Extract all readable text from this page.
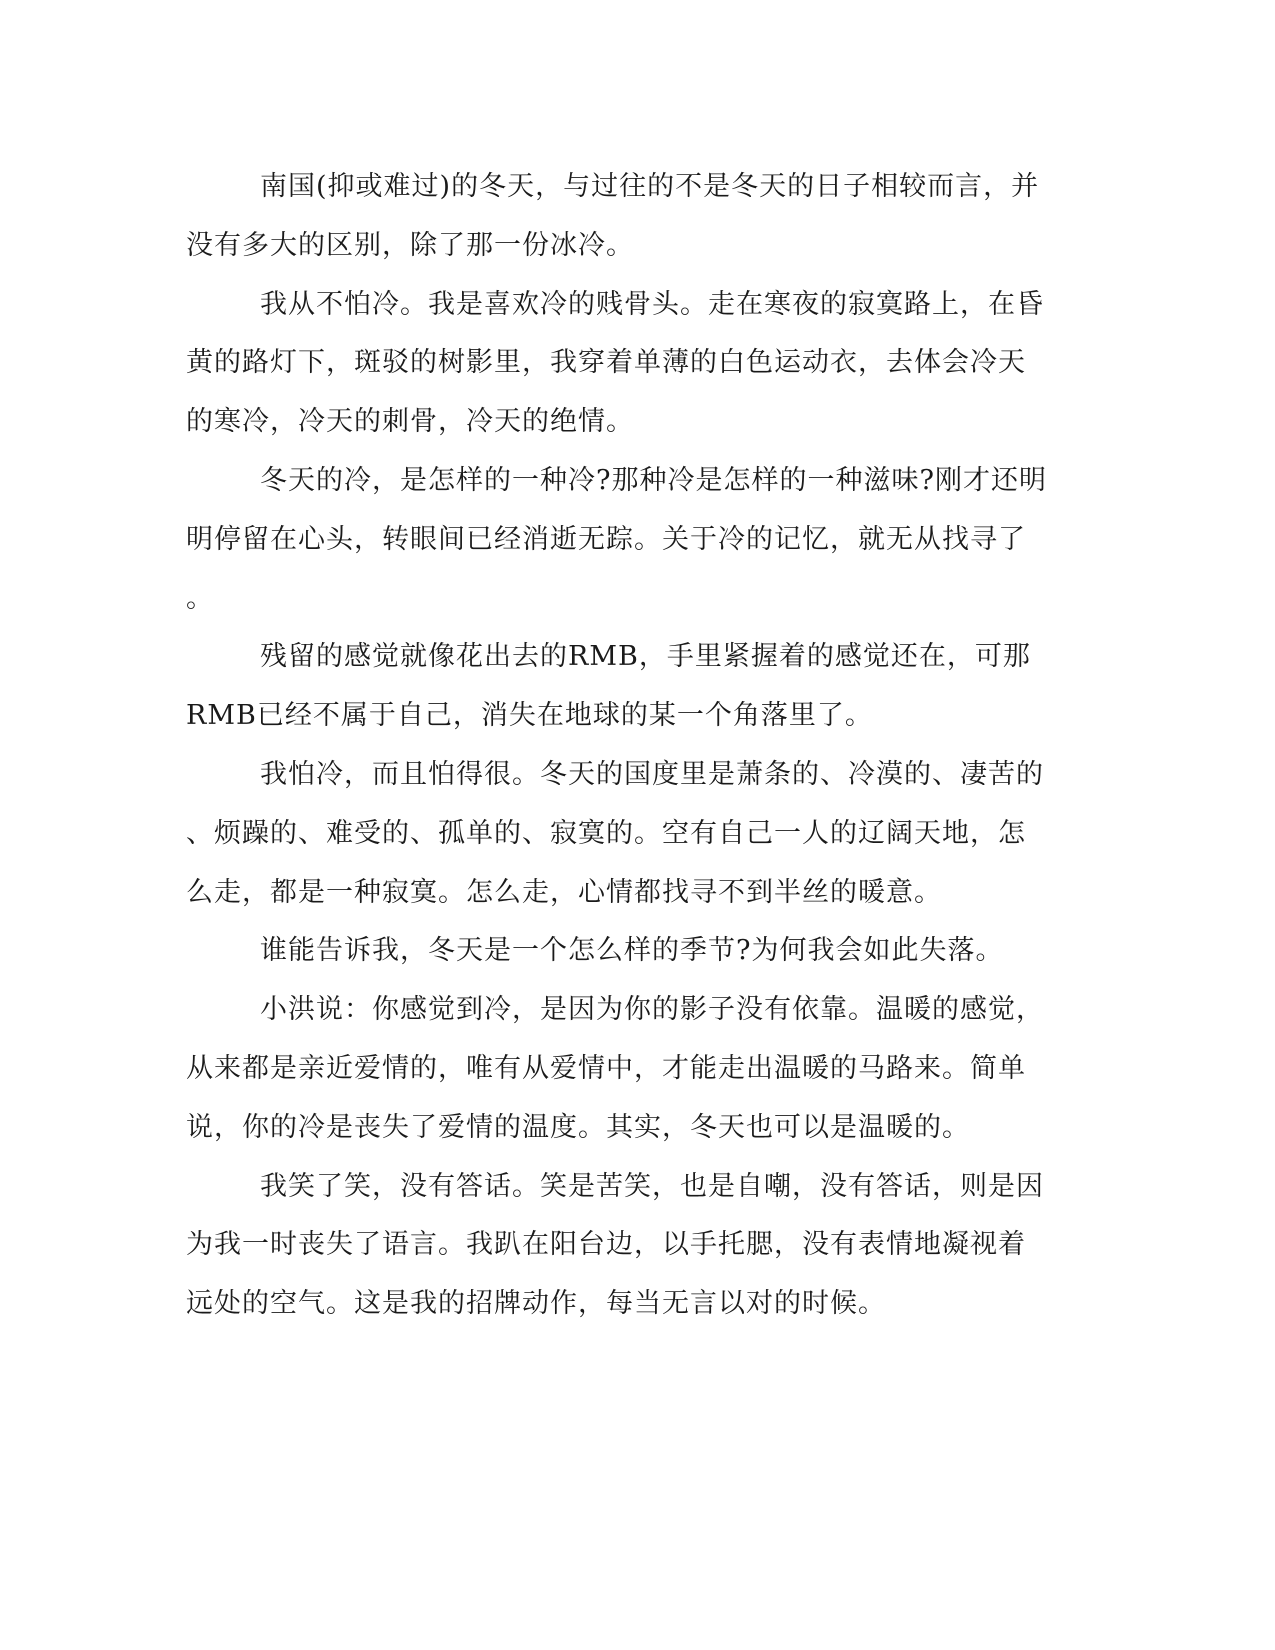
南国(抑或难过)的冬天，与过往的不是冬天的日子相较而言，并
没有多大的区别，除了那一份冰冷。
我从不怕冷。我是喜欢冷的贱骨头。走在寒夜的寂寞路上，在昏
黄的路灯下，斑驳的树影里，我穿着单薄的白色运动衣，去体会冷天
的寒冷，冷天的刺骨，冷天的绝情。
冬天的冷，是怎样的一种冷?那种冷是怎样的一种滋味?刚才还明
明停留在心头，转眼间已经消逝无踪。关于冷的记忆，就无从找寻了
。
残留的感觉就像花出去的RMB，手里紧握着的感觉还在，可那
RMB已经不属于自己，消失在地球的某一个角落里了。
我怕冷，而且怕得很。冬天的国度里是萧条的、冷漠的、凄苦的
、烦躁的、难受的、孤单的、寂寞的。空有自己一人的辽阔天地，怎
么走，都是一种寂寞。怎么走，心情都找寻不到半丝的暖意。
谁能告诉我，冬天是一个怎么样的季节?为何我会如此失落。
小洪说：你感觉到冷，是因为你的影子没有依靠。温暖的感觉，
从来都是亲近爱情的，唯有从爱情中，才能走出温暖的马路来。简单
说，你的冷是丧失了爱情的温度。其实，冬天也可以是温暖的。
我笑了笑，没有答话。笑是苦笑，也是自嘲，没有答话，则是因
为我一时丧失了语言。我趴在阳台边，以手托腮，没有表情地凝视着
远处的空气。这是我的招牌动作，每当无言以对的时候。
